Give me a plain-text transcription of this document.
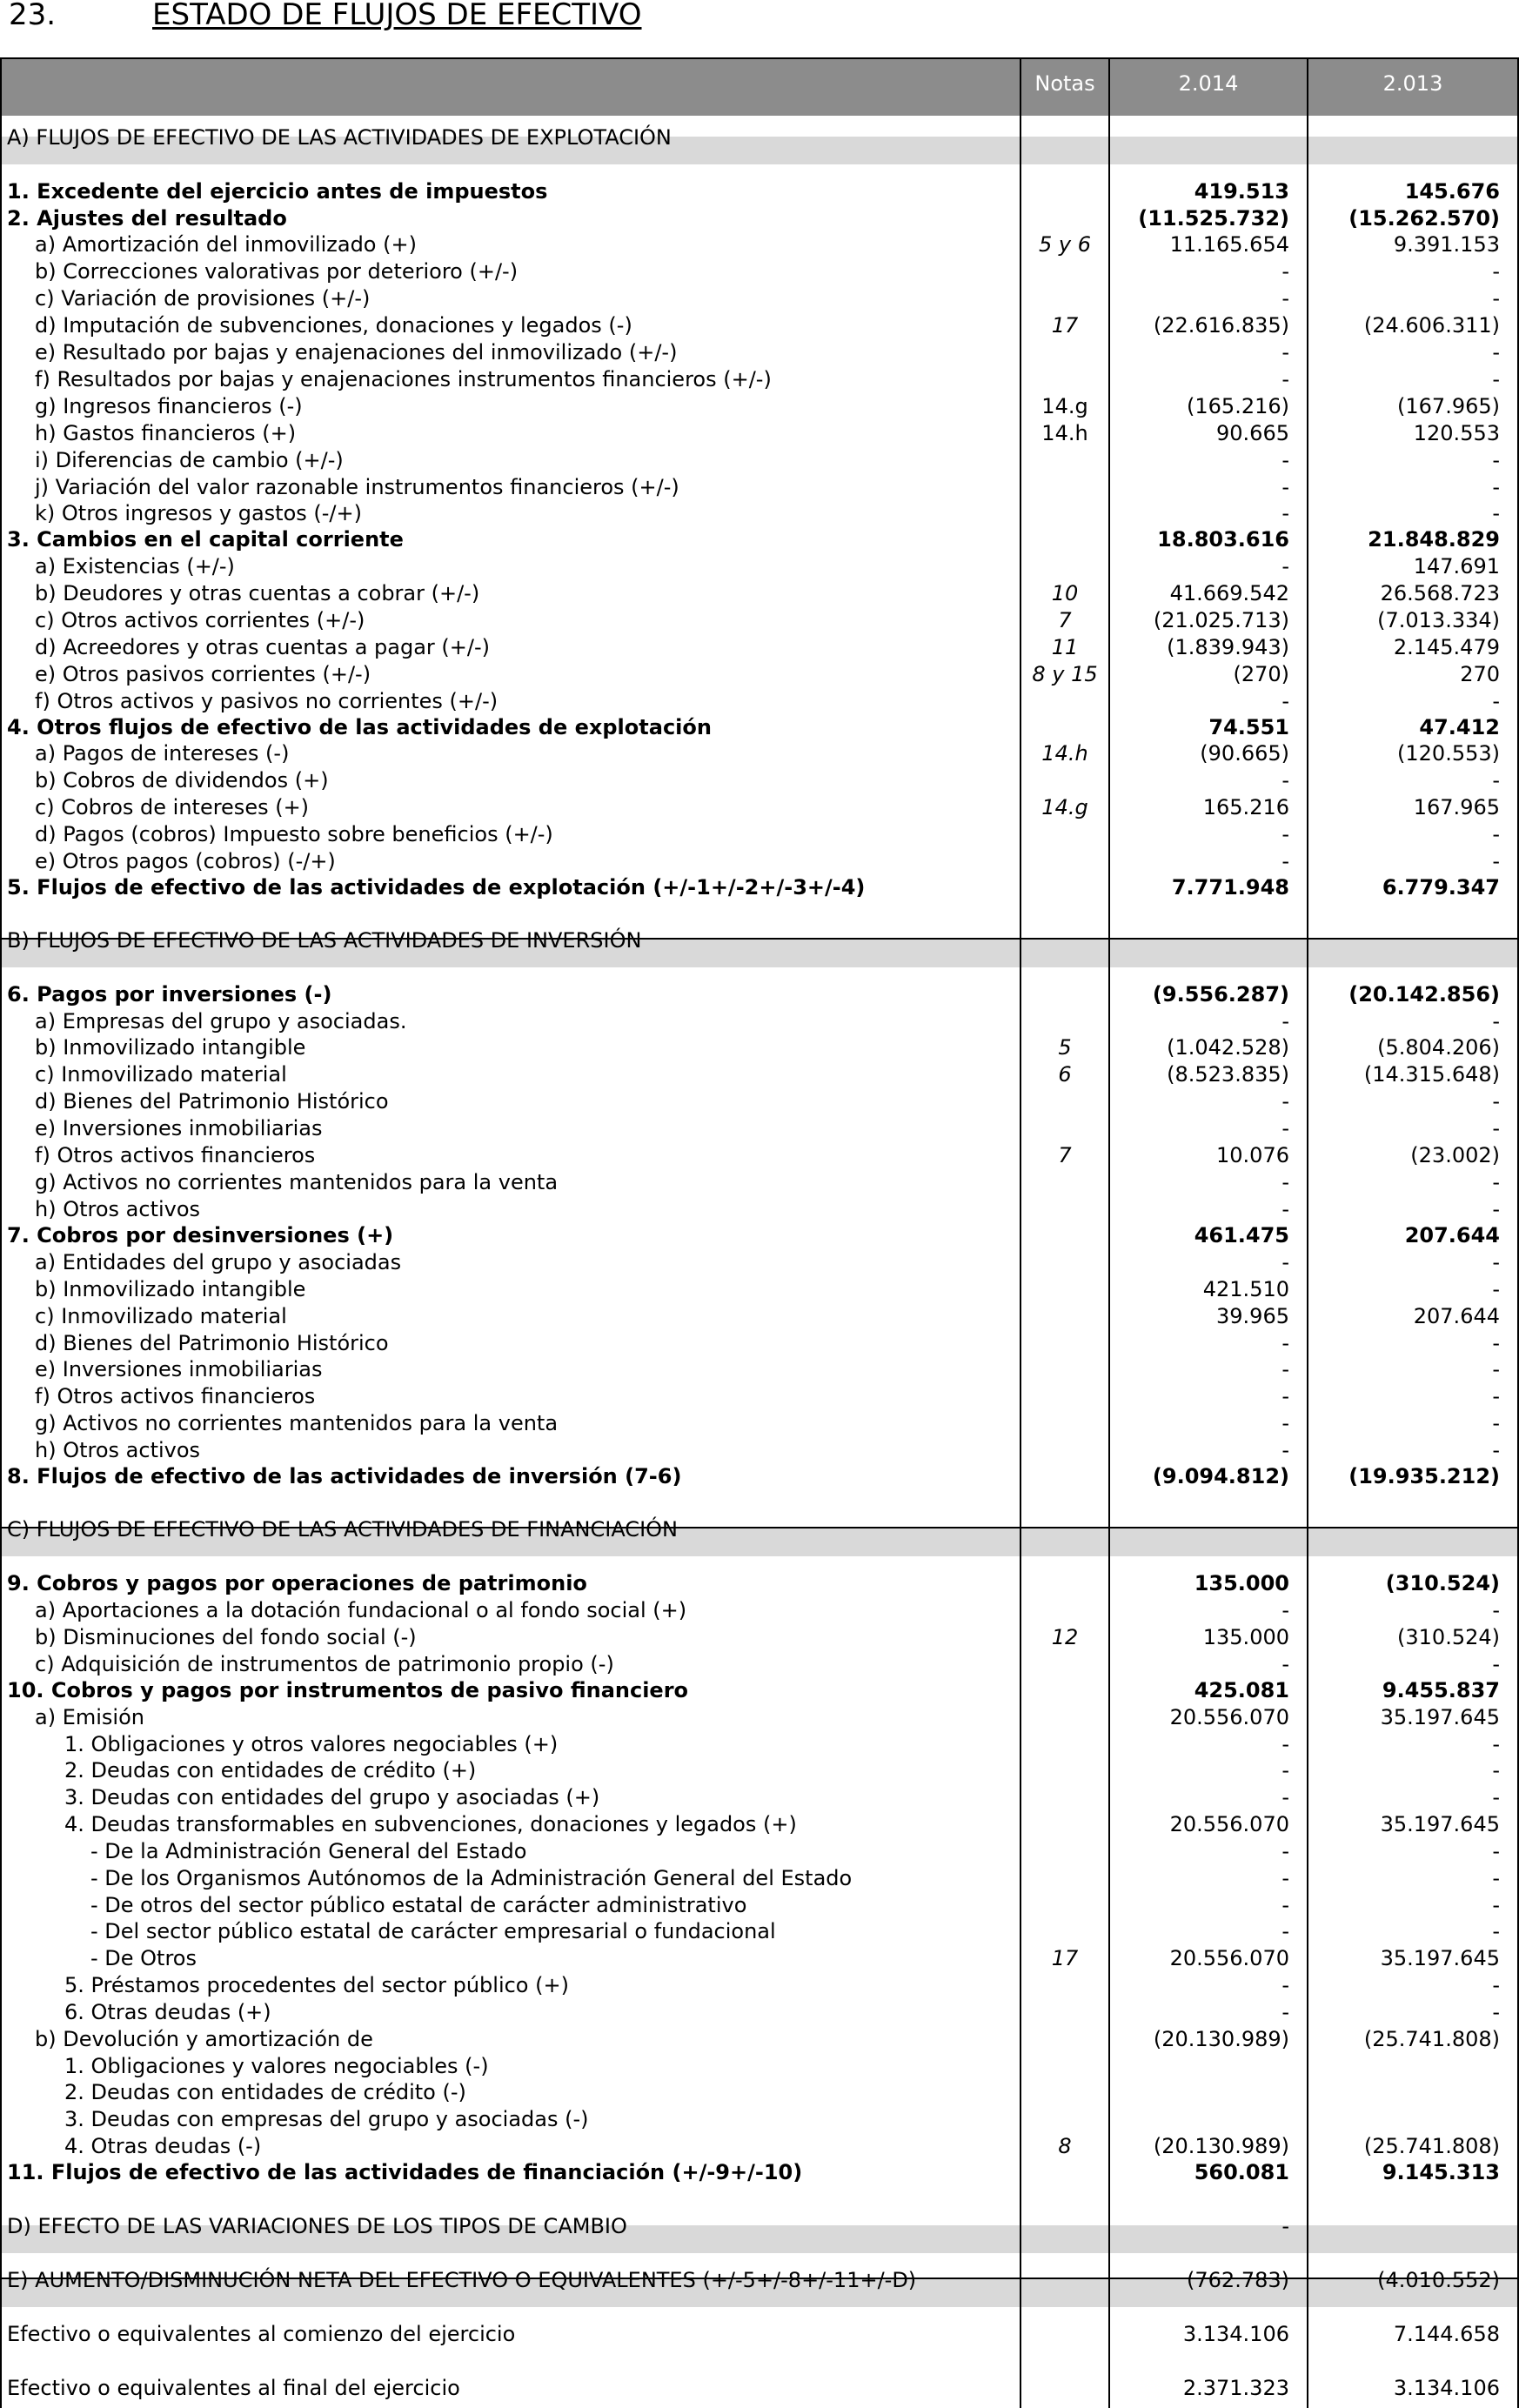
23.	ESTADO DE FLUJOS DE EFECTIVO
Notas	2.014	2.013
A) FLUJOS DE EFECTIVO DE LAS ACTIVIDADES DE EXPLOTACIÓN
1. Excedente del ejercicio antes de impuestos	419.513	145.676
2. Ajustes del resultado	(11.525.732)	(15.262.570)
a) Amortización del inmovilizado (+)	5 y 6	11.165.654	9.391.153
b) Correcciones valorativas por deterioro (+/-)	-	-
c) Variación de provisiones (+/-)	-	-
d) Imputación de subvenciones, donaciones y legados (-)	17	(22.616.835)	(24.606.311)
e) Resultado por bajas y enajenaciones del inmovilizado (+/-)	-	-
f) Resultados por bajas y enajenaciones instrumentos financieros (+/-)	-	-
g) Ingresos financieros (-)	14.g	(165.216)	(167.965)
h) Gastos financieros (+)	14.h	90.665	120.553
i) Diferencias de cambio (+/-)	-	-
j) Variación del valor razonable instrumentos financieros (+/-)	-	-
k) Otros ingresos y gastos (-/+)	-	-
3. Cambios en el capital corriente	18.803.616	21.848.829
a) Existencias (+/-)	-	147.691
b) Deudores y otras cuentas a cobrar (+/-)	10	41.669.542	26.568.723
c) Otros activos corrientes (+/-)	7	(21.025.713)	(7.013.334)
d) Acreedores y otras cuentas a pagar (+/-)	11	(1.839.943)	2.145.479
e) Otros pasivos corrientes (+/-)	8 y 15	(270)	270
f) Otros activos y pasivos no corrientes (+/-)	-	-
4. Otros flujos de efectivo de las actividades de explotación	74.551	47.412
a) Pagos de intereses (-)	14.h	(90.665)	(120.553)
b) Cobros de dividendos (+)	-	-
c) Cobros de intereses (+)	14.g	165.216	167.965
d) Pagos (cobros) Impuesto sobre beneficios (+/-)	-	-
e) Otros pagos (cobros) (-/+)	-	-
5. Flujos de efectivo de las actividades de explotación (+/-1+/-2+/-3+/-4)	7.771.948	6.779.347
B) FLUJOS DE EFECTIVO DE LAS ACTIVIDADES DE INVERSIÓN
6. Pagos por inversiones (-)	(9.556.287)	(20.142.856)
a) Empresas del grupo y asociadas.	-	-
b) Inmovilizado intangible	5	(1.042.528)	(5.804.206)
c) Inmovilizado material	6	(8.523.835)	(14.315.648)
d) Bienes del Patrimonio Histórico	-	-
e) Inversiones inmobiliarias	-	-
f) Otros activos financieros	7	10.076	(23.002)
g) Activos no corrientes mantenidos para la venta	-	-
h) Otros activos	-	-
7. Cobros por desinversiones (+)	461.475	207.644
a) Entidades del grupo y asociadas	-	-
b) Inmovilizado intangible	421.510	-
c) Inmovilizado material	39.965	207.644
d) Bienes del Patrimonio Histórico	-	-
e) Inversiones inmobiliarias	-	-
f) Otros activos financieros	-	-
g) Activos no corrientes mantenidos para la venta	-	-
h) Otros activos	-	-
8. Flujos de efectivo de las actividades de inversión (7-6)	(9.094.812)	(19.935.212)
C) FLUJOS DE EFECTIVO DE LAS ACTIVIDADES DE FINANCIACIÓN
9. Cobros y pagos por operaciones de patrimonio	135.000	(310.524)
a) Aportaciones a la dotación fundacional o al fondo social (+)	-	-
b) Disminuciones del fondo social (-)	12	135.000	(310.524)
c) Adquisición de instrumentos de patrimonio propio (-)	-	-
10. Cobros y pagos por instrumentos de pasivo financiero	425.081	9.455.837
a) Emisión	20.556.070	35.197.645
1. Obligaciones y otros valores negociables (+)	-	-
2. Deudas con entidades de crédito (+)	-	-
3. Deudas con entidades del grupo y asociadas (+)	-	-
4. Deudas transformables en subvenciones, donaciones y legados (+)	20.556.070	35.197.645
- De la Administración General del Estado	-	-
- De los Organismos Autónomos de la Administración General del Estado	-	-
- De otros del sector público estatal de carácter administrativo	-	-
- Del sector público estatal de carácter empresarial o fundacional	-	-
- De Otros	17	20.556.070	35.197.645
5. Préstamos procedentes del sector público (+)	-	-
6. Otras deudas (+)	-	-
b) Devolución y amortización de	(20.130.989)	(25.741.808)
1. Obligaciones y valores negociables (-)
2. Deudas con entidades de crédito (-)
3. Deudas con empresas del grupo y asociadas (-)
4. Otras deudas (-)	8	(20.130.989)	(25.741.808)
11. Flujos de efectivo de las actividades de financiación (+/-9+/-10)	560.081	9.145.313
D) EFECTO DE LAS VARIACIONES DE LOS TIPOS DE CAMBIO	-
E) AUMENTO/DISMINUCIÓN NETA DEL EFECTIVO O EQUIVALENTES (+/-5+/-8+/-11+/-D)	(762.783)	(4.010.552)
Efectivo o equivalentes al comienzo del ejercicio	3.134.106	7.144.658
Efectivo o equivalentes al final del ejercicio	2.371.323	3.134.106
